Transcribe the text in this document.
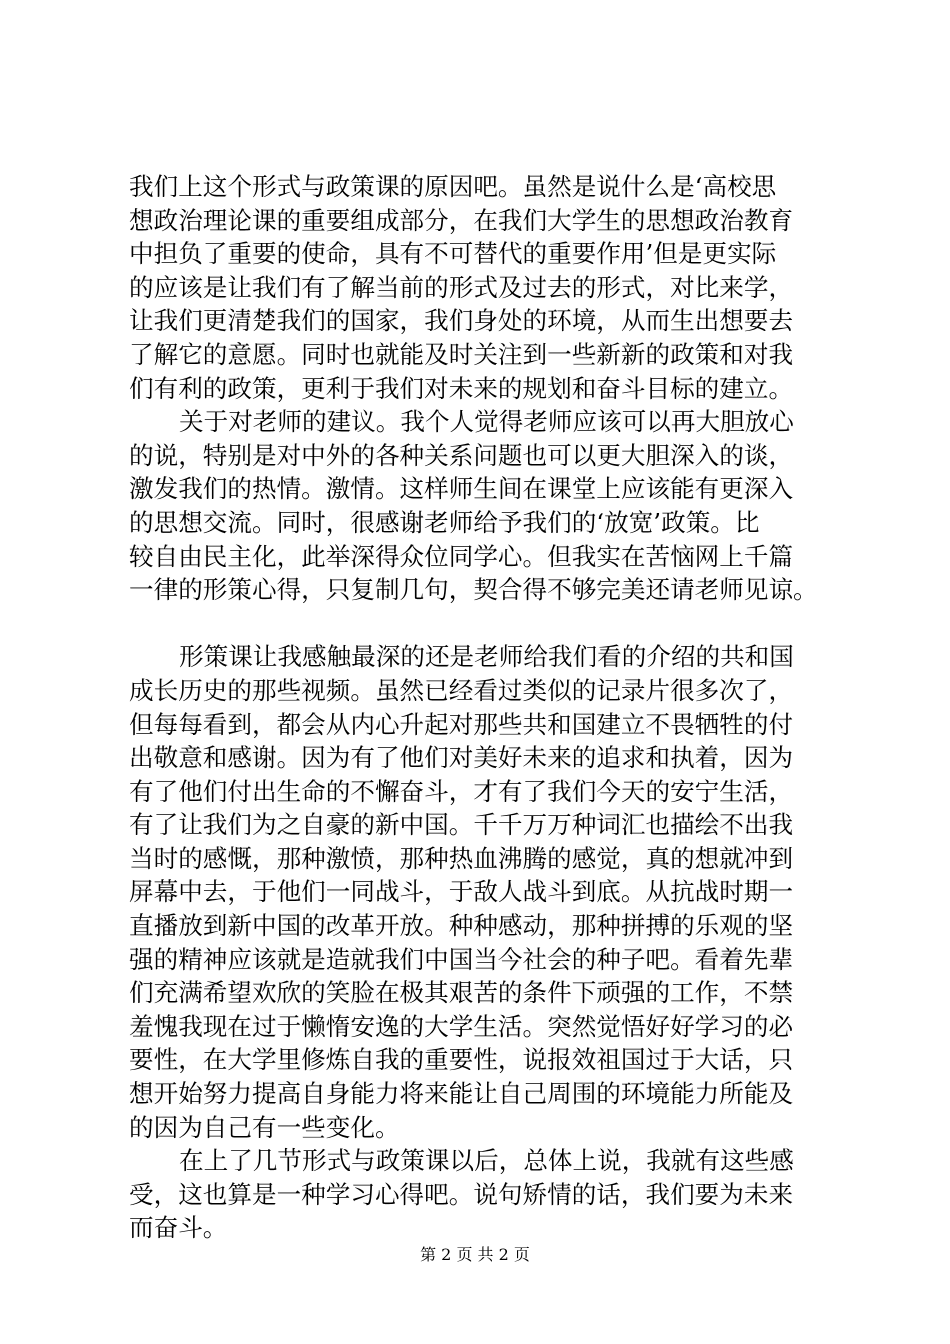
我们上这个形式与政策课的原因吧。虽然是说什么是‘高校思
想政治理论课的重要组成部分，在我们大学生的思想政治教育
中担负了重要的使命，具有不可替代的重要作用’但是更实际
的应该是让我们有了解当前的形式及过去的形式，对比来学，
让我们更清楚我们的国家，我们身处的环境，从而生出想要去
了解它的意愿。同时也就能及时关注到一些新新的政策和对我
们有利的政策，更利于我们对未来的规划和奋斗目标的建立。
关于对老师的建议。我个人觉得老师应该可以再大胆放心
的说，特别是对中外的各种关系问题也可以更大胆深入的谈，
激发我们的热情。激情。这样师生间在课堂上应该能有更深入
的思想交流。同时，很感谢老师给予我们的‘放宽’政策。比
较自由民主化，此举深得众位同学心。但我实在苦恼网上千篇
一律的形策心得，只复制几句，契合得不够完美还请老师见谅。
形策课让我感触最深的还是老师给我们看的介绍的共和国
成长历史的那些视频。虽然已经看过类似的记录片很多次了，
但每每看到，都会从内心升起对那些共和国建立不畏牺牲的付
出敬意和感谢。因为有了他们对美好未来的追求和执着，因为
有了他们付出生命的不懈奋斗，才有了我们今天的安宁生活，
有了让我们为之自豪的新中国。千千万万种词汇也描绘不出我
当时的感慨，那种激愤，那种热血沸腾的感觉，真的想就冲到
屏幕中去，于他们一同战斗，于敌人战斗到底。从抗战时期一
直播放到新中国的改革开放。种种感动，那种拼搏的乐观的坚
强的精神应该就是造就我们中国当今社会的种子吧。看着先辈
们充满希望欢欣的笑脸在极其艰苦的条件下顽强的工作，不禁
羞愧我现在过于懒惰安逸的大学生活。突然觉悟好好学习的必
要性，在大学里修炼自我的重要性，说报效祖国过于大话，只
想开始努力提高自身能力将来能让自己周围的环境能力所能及
的因为自己有一些变化。
在上了几节形式与政策课以后，总体上说，我就有这些感
受，这也算是一种学习心得吧。说句矫情的话，我们要为未来
而奋斗。
第 2 页 共 2 页
